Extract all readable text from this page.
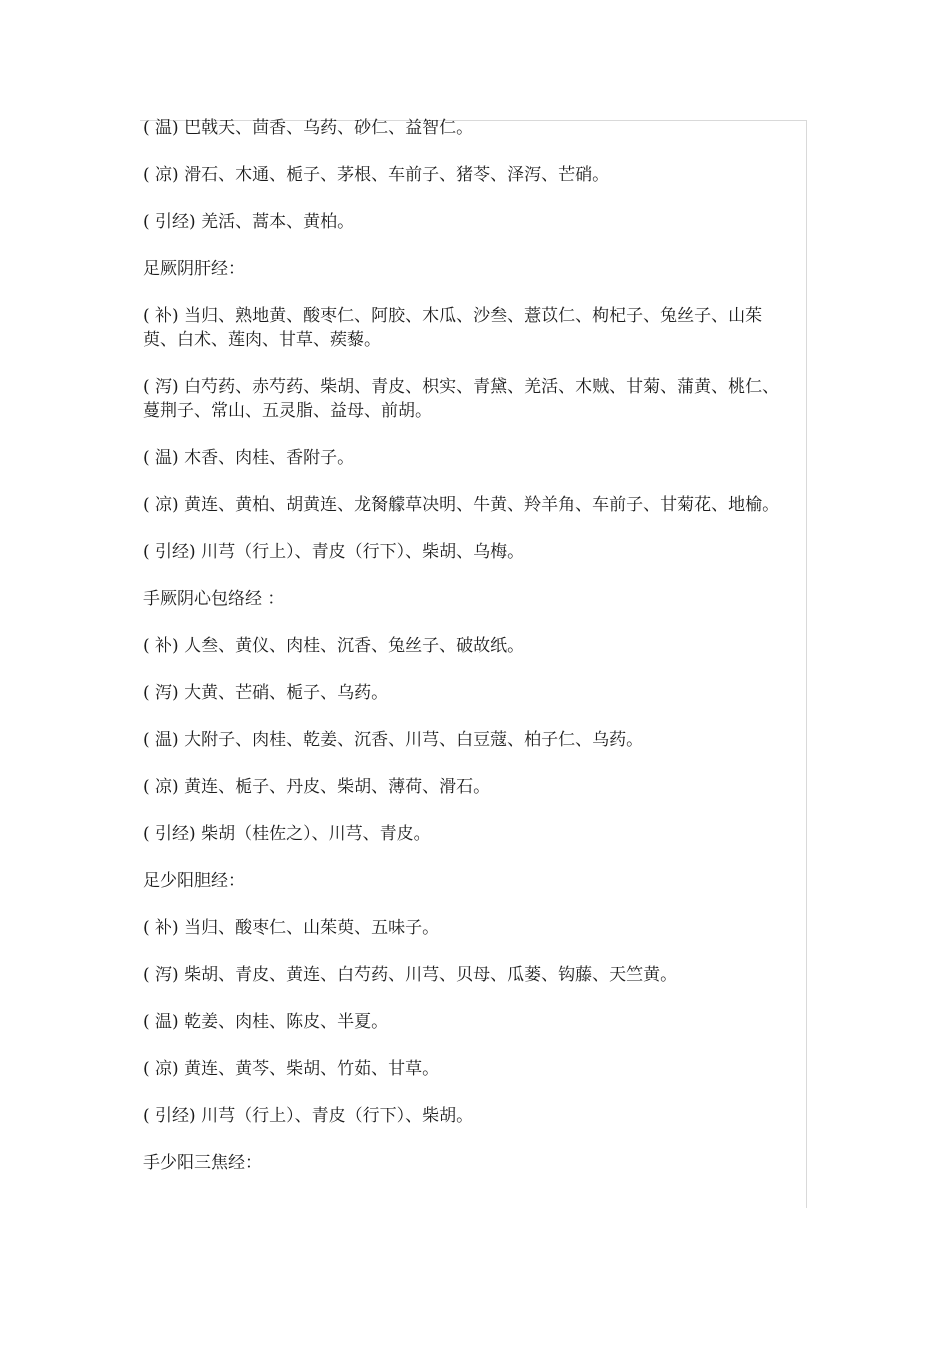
( 温) 巴戟天、茴香、乌药、砂仁、益智仁。

( 凉) 滑石、木通、栀子、茅根、车前子、猪苓、泽泻、芒硝。

( 引经) 羌活、蒿本、黄柏。

足厥阴肝经：

( 补) 当归、熟地黄、酸枣仁、阿胶、木瓜、沙叁、薏苡仁、枸杞子、兔丝子、山茱萸、白术、莲肉、甘草、蒺藜。

( 泻) 白芍药、赤芍药、柴胡、青皮、枳实、青黛、羌活、木贼、甘菊、蒲黄、桃仁、蔓荆子、常山、五灵脂、益母、前胡。

( 温) 木香、肉桂、香附子。

( 凉) 黄连、黄柏、胡黄连、龙胬艨草决明、牛黄、羚羊角、车前子、甘菊花、地榆。

( 引经) 川芎（行上）、青皮（行下）、柴胡、乌梅。

手厥阴心包络经 ：

( 补) 人叁、黄仪、肉桂、沉香、兔丝子、破故纸。

( 泻) 大黄、芒硝、栀子、乌药。

( 温) 大附子、肉桂、乾姜、沉香、川芎、白豆蔻、柏子仁、乌药。

( 凉) 黄连、栀子、丹皮、柴胡、薄荷、滑石。

( 引经) 柴胡（桂佐之）、川芎、青皮。

足少阳胆经：

( 补) 当归、酸枣仁、山茱萸、五味子。

( 泻) 柴胡、青皮、黄连、白芍药、川芎、贝母、瓜蒌、钩藤、天竺黄。

( 温) 乾姜、肉桂、陈皮、半夏。

( 凉) 黄连、黄芩、柴胡、竹茹、甘草。

( 引经) 川芎（行上）、青皮（行下）、柴胡。

手少阳三焦经：
